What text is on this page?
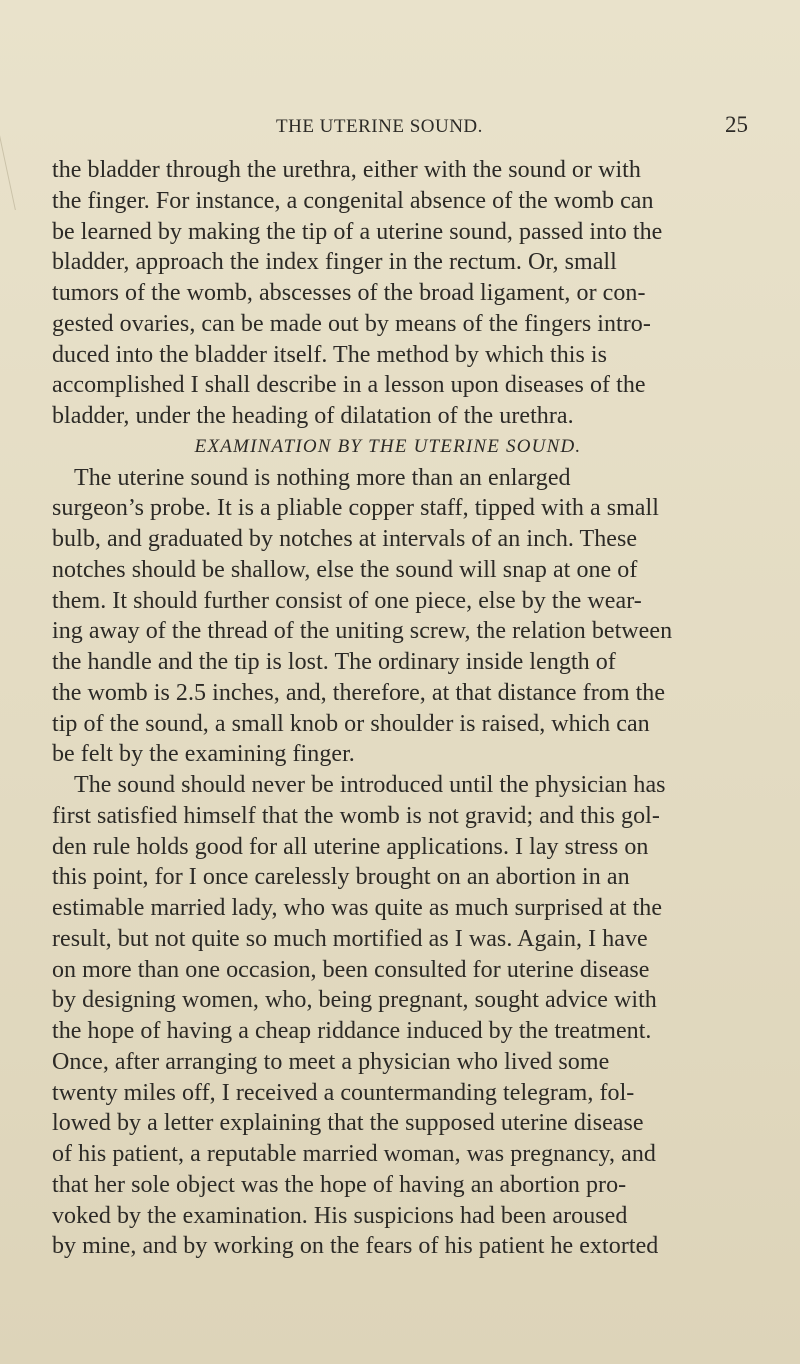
THE UTERINE SOUND.	25
the bladder through the urethra, either with the sound or with
the finger. For instance, a congenital absence of the womb can
be learned by making the tip of a uterine sound, passed into the
bladder, approach the index finger in the rectum. Or, small
tumors of the womb, abscesses of the broad ligament, or con-
gested ovaries, can be made out by means of the fingers intro-
duced into the bladder itself. The method by which this is
accomplished I shall describe in a lesson upon diseases of the
bladder, under the heading of dilatation of the urethra.
EXAMINATION BY THE UTERINE SOUND.
The uterine sound is nothing more than an enlarged
surgeon’s probe. It is a pliable copper staff, tipped with a small
bulb, and graduated by notches at intervals of an inch. These
notches should be shallow, else the sound will snap at one of
them. It should further consist of one piece, else by the wear-
ing away of the thread of the uniting screw, the relation between
the handle and the tip is lost. The ordinary inside length of
the womb is 2.5 inches, and, therefore, at that distance from the
tip of the sound, a small knob or shoulder is raised, which can
be felt by the examining finger.
The sound should never be introduced until the physician has
first satisfied himself that the womb is not gravid; and this gol-
den rule holds good for all uterine applications. I lay stress on
this point, for I once carelessly brought on an abortion in an
estimable married lady, who was quite as much surprised at the
result, but not quite so much mortified as I was. Again, I have
on more than one occasion, been consulted for uterine disease
by designing women, who, being pregnant, sought advice with
the hope of having a cheap riddance induced by the treatment.
Once, after arranging to meet a physician who lived some
twenty miles off, I received a countermanding telegram, fol-
lowed by a letter explaining that the supposed uterine disease
of his patient, a reputable married woman, was pregnancy, and
that her sole object was the hope of having an abortion pro-
voked by the examination. His suspicions had been aroused
by mine, and by working on the fears of his patient he extorted
